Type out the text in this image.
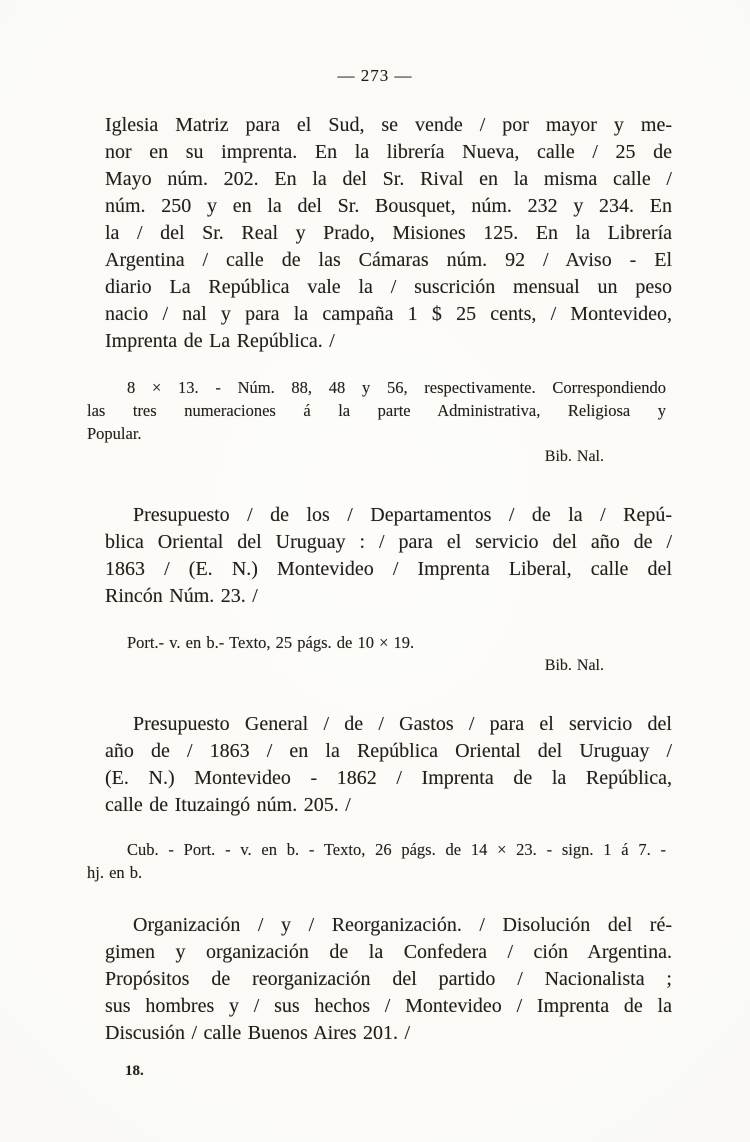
— 273 —
Iglesia Matriz para el Sud, se vende / por mayor y me-
nor en su imprenta. En la librería Nueva, calle / 25 de
Mayo núm. 202. En la del Sr. Rival en la misma calle /
núm. 250 y en la del Sr. Bousquet, núm. 232 y 234. En
la / del Sr. Real y Prado, Misiones 125. En la Librería
Argentina / calle de las Cámaras núm. 92 / Aviso - El
diario La República vale la / suscrición mensual un peso
nacio / nal y para la campaña 1 $ 25 cents, / Montevideo,
Imprenta de La República. /
8 × 13. - Núm. 88, 48 y 56, respectivamente. Correspondiendo
las tres numeraciones á la parte Administrativa, Religiosa y
Popular.
Bib. Nal.
Presupuesto / de los / Departamentos / de la / Repú-
blica Oriental del Uruguay : / para el servicio del año de /
1863 / (E. N.) Montevideo / Imprenta Liberal, calle del
Rincón Núm. 23. /
Port.- v. en b.- Texto, 25 págs. de 10 × 19.
Bib. Nal.
Presupuesto General / de / Gastos / para el servicio del
año de / 1863 / en la República Oriental del Uruguay /
(E. N.) Montevideo - 1862 / Imprenta de la República,
calle de Ituzaingó núm. 205. /
Cub. - Port. - v. en b. - Texto, 26 págs. de 14 × 23. - sign. 1 á 7. -
hj. en b.
Organización / y / Reorganización. / Disolución del ré-
gimen y organización de la Confedera / ción Argentina.
Propósitos de reorganización del partido / Nacionalista ;
sus hombres y / sus hechos / Montevideo / Imprenta de la
Discusión / calle Buenos Aires 201. /
18.
